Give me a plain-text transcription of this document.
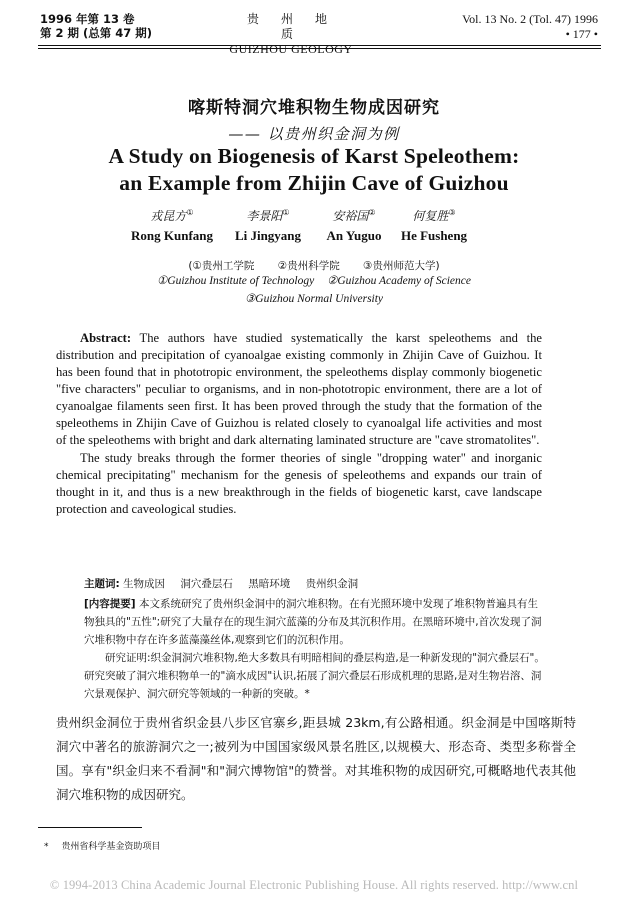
1996 年第 13 卷
第 2 期 (总第 47 期)
贵州地质
GUIZHOU GEOLOGY
Vol. 13 No. 2 (Tol. 47) 1996
• 177 •
喀斯特洞穴堆积物生物成因研究
—— 以贵州织金洞为例
A Study on Biogenesis of Karst Speleothem:
an Example from Zhijin Cave of Guizhou
戎昆方①
Rong Kunfang
李景阳①
Li Jingyang
安裕国②
An Yuguo
何复胜③
He Fusheng
(①贵州工学院 ②贵州科学院 ③贵州师范大学)
①Guizhou Institute of Technology ②Guizhou Academy of Science
③Guizhou Normal University

Abstract: The authors have studied systematically the karst speleothems and the distribution and precipitation of cyanoalgae existing commonly in Zhijin Cave of Guizhou. It has been found that in phototropic environment, the speleothems display commonly biogenetic "five characters" peculiar to organisms, and in non-phototropic environment, there are a lot of cyanoalgae filaments seen first. It has been proved through the study that the formation of the speleothems in Zhijin Cave of Guizhou is related closely to cyanoalgal life activities and most of the speleothems with bright and dark alternating laminated structure are "cave stromatolites".

The study breaks through the former theories of single "dropping water" and inorganic chemical precipitating" mechanism for the genesis of speleothems and expands our train of thought in it, and thus is a new breakthrough in the fields of biogenetic karst, cave landscape protection and caveological studies.

主题词: 生物成因 洞穴叠层石 黑暗环境 贵州织金洞

[内容提要] 本文系统研究了贵州织金洞中的洞穴堆积物。在有光照环境中发现了堆积物普遍具有生物独具的"五性";研究了大量存在的现生洞穴蓝藻的分布及其沉积作用。在黑暗环境中,首次发现了洞穴堆积物中存在许多蓝藻藻丝体,观察到它们的沉积作用。

研究证明:织金洞洞穴堆积物,绝大多数具有明暗相间的叠层构造,是一种新发现的"洞穴叠层石"。研究突破了洞穴堆积物单一的"滴水成因"认识,拓展了洞穴叠层石形成机理的思路,是对生物岩溶、洞穴景观保护、洞穴研究等领域的一种新的突破。*

贵州织金洞位于贵州省织金县八步区官寨乡,距县城 23km,有公路相通。织金洞是中国喀斯特洞穴中著名的旅游洞穴之一;被列为中国国家级风景名胜区,以规模大、形态奇、类型多称誉全国。享有"织金归来不看洞"和"洞穴博物馆"的赞誉。对其堆积物的成因研究,可概略地代表其他洞穴堆积物的成因研究。
* 贵州省科学基金资助项目
© 1994-2013 China Academic Journal Electronic Publishing House. All rights reserved. http://www.cnl
